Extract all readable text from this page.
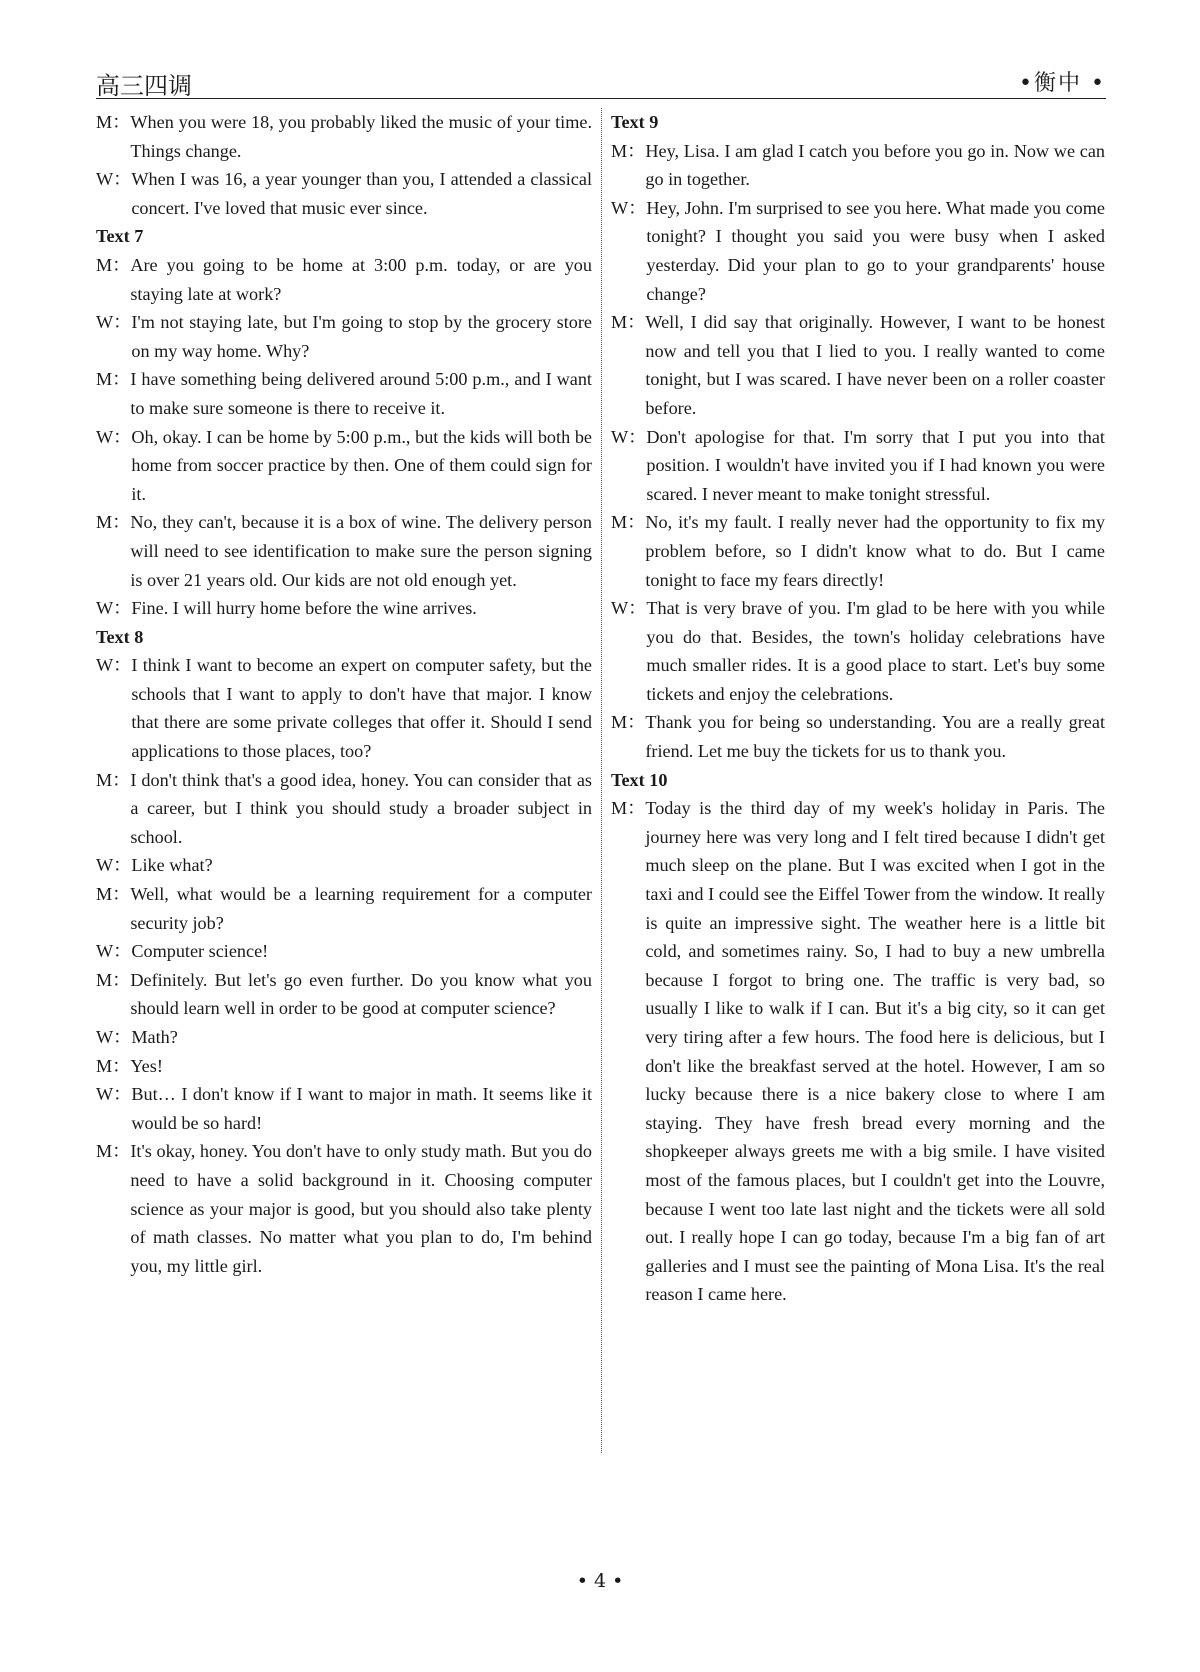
高三四调	•衡中 •
M： When you were 18, you probably liked the music of your time. Things change.
W： When I was 16, a year younger than you, I attended a classical concert. I've loved that music ever since.
Text 7
M： Are you going to be home at 3:00 p.m. today, or are you staying late at work?
W： I'm not staying late, but I'm going to stop by the grocery store on my way home. Why?
M： I have something being delivered around 5:00 p.m., and I want to make sure someone is there to receive it.
W： Oh, okay. I can be home by 5:00 p.m., but the kids will both be home from soccer practice by then. One of them could sign for it.
M： No, they can't, because it is a box of wine. The delivery person will need to see identification to make sure the person signing is over 21 years old. Our kids are not old enough yet.
W： Fine. I will hurry home before the wine arrives.
Text 8
W： I think I want to become an expert on computer safety, but the schools that I want to apply to don't have that major. I know that there are some private colleges that offer it. Should I send applications to those places, too?
M： I don't think that's a good idea, honey. You can consider that as a career, but I think you should study a broader subject in school.
W： Like what?
M： Well, what would be a learning requirement for a computer security job?
W： Computer science!
M： Definitely. But let's go even further. Do you know what you should learn well in order to be good at computer science?
W： Math?
M： Yes!
W： But… I don't know if I want to major in math. It seems like it would be so hard!
M： It's okay, honey. You don't have to only study math. But you do need to have a solid background in it. Choosing computer science as your major is good, but you should also take plenty of math classes. No matter what you plan to do, I'm behind you, my little girl.
Text 9
M： Hey, Lisa. I am glad I catch you before you go in. Now we can go in together.
W： Hey, John. I'm surprised to see you here. What made you come tonight? I thought you said you were busy when I asked yesterday. Did your plan to go to your grandparents' house change?
M： Well, I did say that originally. However, I want to be honest now and tell you that I lied to you. I really wanted to come tonight, but I was scared. I have never been on a roller coaster before.
W： Don't apologise for that. I'm sorry that I put you into that position. I wouldn't have invited you if I had known you were scared. I never meant to make tonight stressful.
M： No, it's my fault. I really never had the opportunity to fix my problem before, so I didn't know what to do. But I came tonight to face my fears directly!
W： That is very brave of you. I'm glad to be here with you while you do that. Besides, the town's holiday celebrations have much smaller rides. It is a good place to start. Let's buy some tickets and enjoy the celebrations.
M： Thank you for being so understanding. You are a really great friend. Let me buy the tickets for us to thank you.
Text 10
M： Today is the third day of my week's holiday in Paris. The journey here was very long and I felt tired because I didn't get much sleep on the plane. But I was excited when I got in the taxi and I could see the Eiffel Tower from the window. It really is quite an impressive sight. The weather here is a little bit cold, and sometimes rainy. So, I had to buy a new umbrella because I forgot to bring one. The traffic is very bad, so usually I like to walk if I can. But it's a big city, so it can get very tiring after a few hours. The food here is delicious, but I don't like the breakfast served at the hotel. However, I am so lucky because there is a nice bakery close to where I am staying. They have fresh bread every morning and the shopkeeper always greets me with a big smile. I have visited most of the famous places, but I couldn't get into the Louvre, because I went too late last night and the tickets were all sold out. I really hope I can go today, because I'm a big fan of art galleries and I must see the painting of Mona Lisa. It's the real reason I came here.
• 4 •
